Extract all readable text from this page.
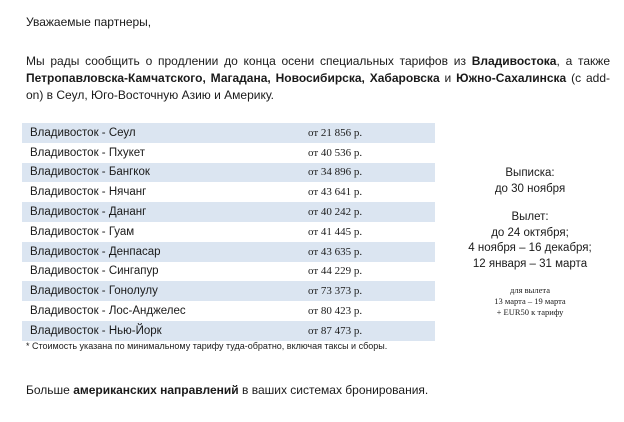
Уважаемые партнеры,
Мы рады сообщить о продлении до конца осени специальных тарифов из Владивостока, а также Петропавловска-Камчатского, Магадана, Новосибирска, Хабаровска и Южно-Сахалинска (с add-on) в Сеул, Юго-Восточную Азию и Америку.
Владивосток - Сеул	от 21 856 р.
Владивосток - Пхукет	от 40 536 р.
Владивосток - Бангкок	от 34 896 р.
Владивосток - Нячанг	от 43 641 р.
Владивосток - Дананг	от 40 242 р.
Владивосток - Гуам	от 41 445 р.
Владивосток - Денпасар	от 43 635 р.
Владивосток - Сингапур	от 44 229 р.
Владивосток - Гонолулу	от 73 373 р.
Владивосток - Лос-Анджелес	от 80 423 р.
Владивосток - Нью-Йорк	от 87 473 р.
Выписка:
до 30 ноября
Вылет:
до 24 октября;
4 ноября – 16 декабря;
12 января – 31 марта
для вылета
13 марта – 19 марта
+ EUR50 к тарифу
* Стоимость указана по минимальному тарифу туда-обратно, включая таксы и сборы.
Больше американских направлений в ваших системах бронирования.
